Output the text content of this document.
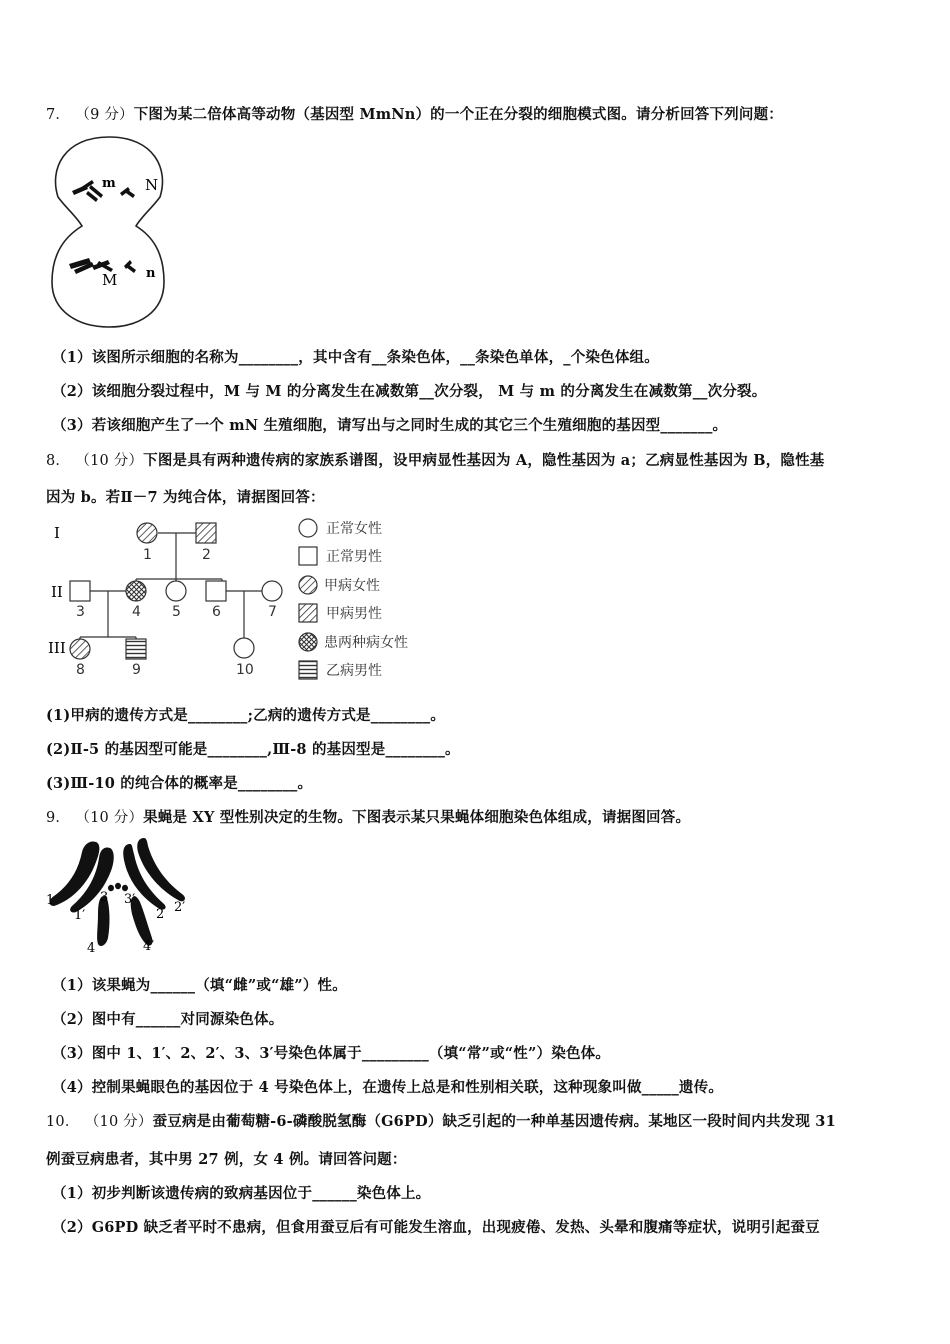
7． （9 分）下图为某二倍体高等动物（基因型 MmNn）的一个正在分裂的细胞模式图。请分析回答下列问题：
m N
M n
（1）该图所示细胞的名称为________，其中含有__条染色体，__条染色单体，_个染色体组。
（2）该细胞分裂过程中，M 与 M 的分离发生在减数第__次分裂， M 与 m 的分离发生在减数第__次分裂。
（3）若该细胞产生了一个 mN 生殖细胞，请写出与之同时生成的其它三个生殖细胞的基因型_______。
8． （10 分）下图是具有两种遗传病的家族系谱图，设甲病显性基因为 A，隐性基因为 a；乙病显性基因为 B，隐性基
因为 b。若Ⅱ－7 为纯合体，请据图回答：
I
II
III
1	2
3	4 5 6	7
8	9	10
正常女性
正常男性
甲病女性
甲病男性
患两种病女性
乙病男性
(1)甲病的遗传方式是________;乙病的遗传方式是________。
(2)Ⅱ-5 的基因型可能是________,Ⅲ-8 的基因型是________。
(3)Ⅲ-10 的纯合体的概率是________。
9． （10 分）果蝇是 XY 型性别决定的生物。下图表示某只果蝇体细胞染色体组成，请据图回答。
1
1′
3 3′
2 2′
4	4′
（1）该果蝇为______（填“雌”或“雄”）性。
（2）图中有______对同源染色体。
（3）图中 1、1′、2、2′、3、3′号染色体属于_________（填“常”或“性”）染色体。
（4）控制果蝇眼色的基因位于 4 号染色体上，在遗传上总是和性别相关联，这种现象叫做_____遗传。
10． （10 分）蚕豆病是由葡萄糖-6-磷酸脱氢酶（G6PD）缺乏引起的一种单基因遗传病。某地区一段时间内共发现 31
例蚕豆病患者，其中男 27 例，女 4 例。请回答问题：
（1）初步判断该遗传病的致病基因位于______染色体上。
（2）G6PD 缺乏者平时不患病，但食用蚕豆后有可能发生溶血，出现疲倦、发热、头晕和腹痛等症状，说明引起蚕豆
